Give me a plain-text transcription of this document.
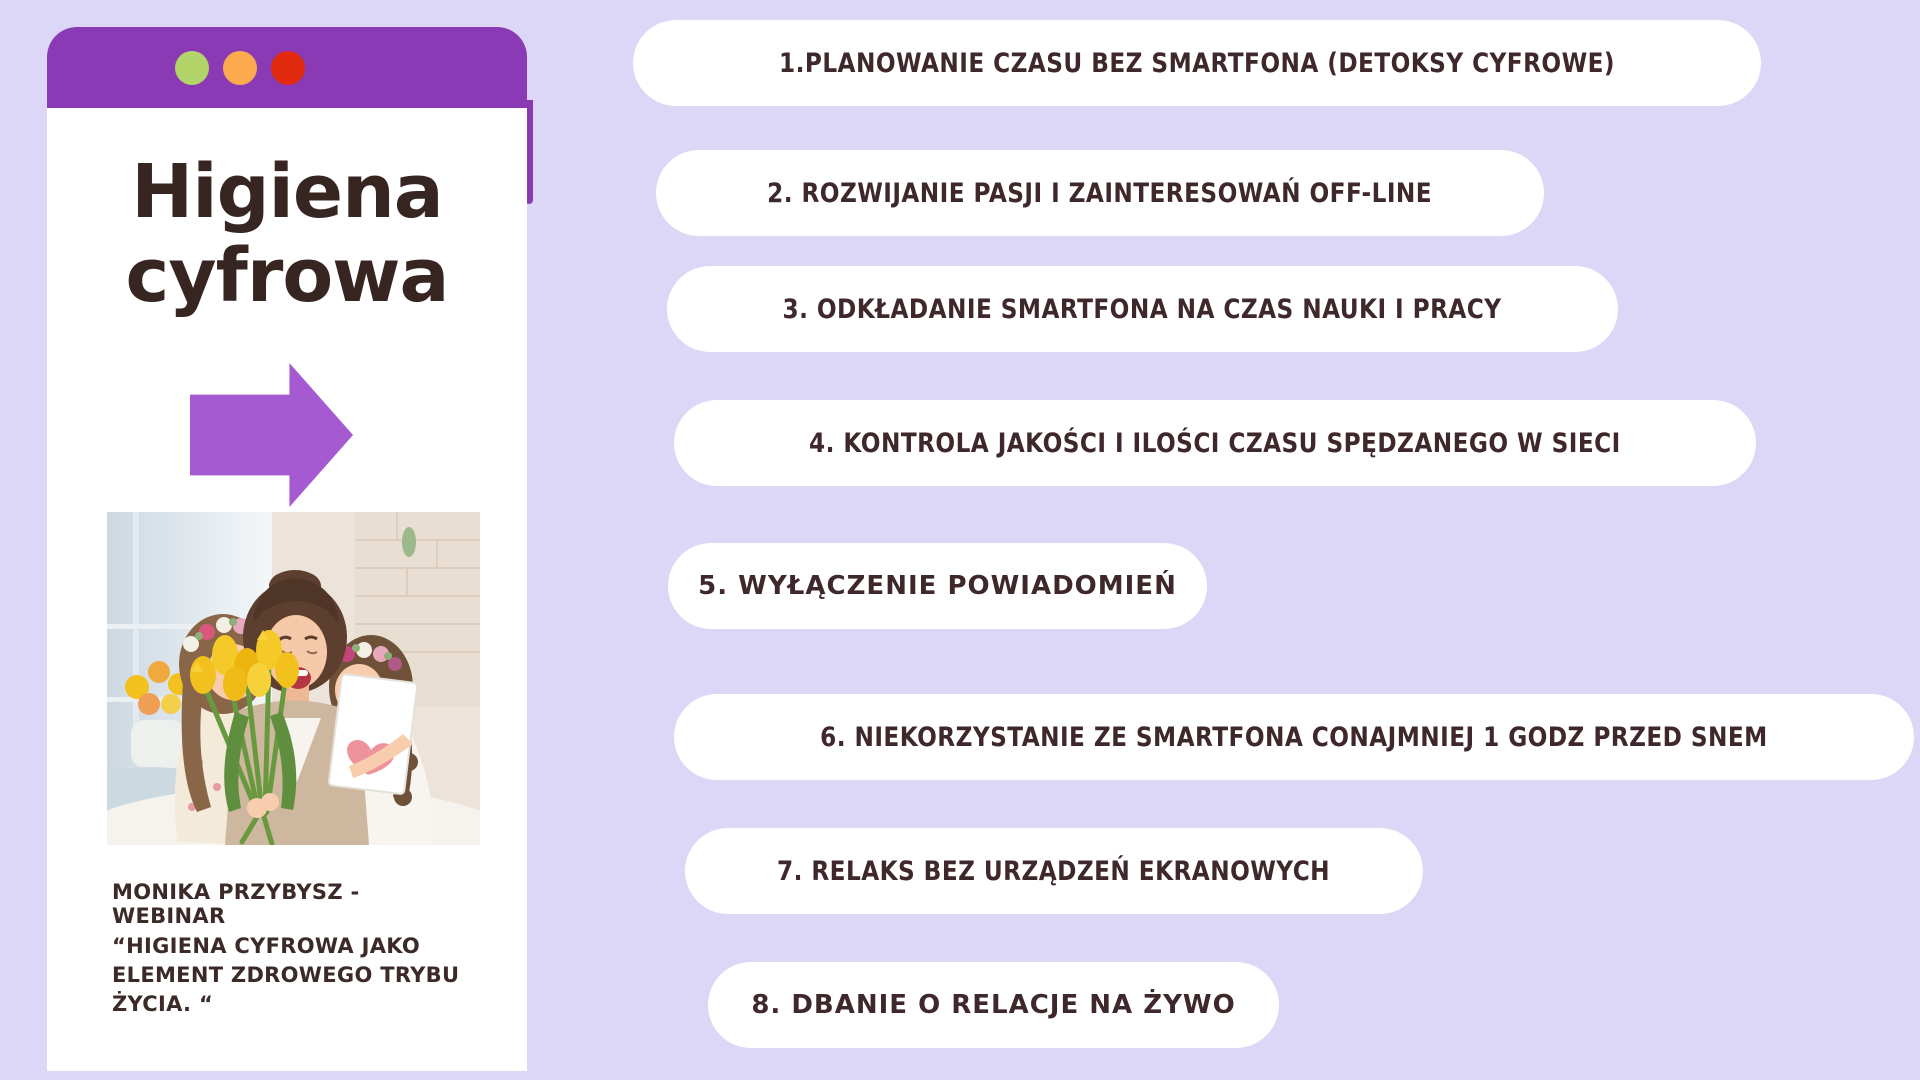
Higiena
cyfrowa
MONIKA PRZYBYSZ - WEBINAR
“HIGIENA CYFROWA JAKO
ELEMENT ZDROWEGO TRYBU
ŻYCIA. “
1.PLANOWANIE CZASU BEZ SMARTFONA (DETOKSY CYFROWE)
2. ROZWIJANIE PASJI I ZAINTERESOWAŃ OFF-LINE
3. ODKŁADANIE SMARTFONA NA CZAS NAUKI I PRACY
4. KONTROLA JAKOŚCI I ILOŚCI CZASU SPĘDZANEGO W SIECI
5. WYŁĄCZENIE POWIADOMIEŃ
6. NIEKORZYSTANIE ZE SMARTFONA CONAJMNIEJ 1 GODZ PRZED SNEM
7. RELAKS BEZ URZĄDZEŃ EKRANOWYCH
8. DBANIE O RELACJE NA ŻYWO
